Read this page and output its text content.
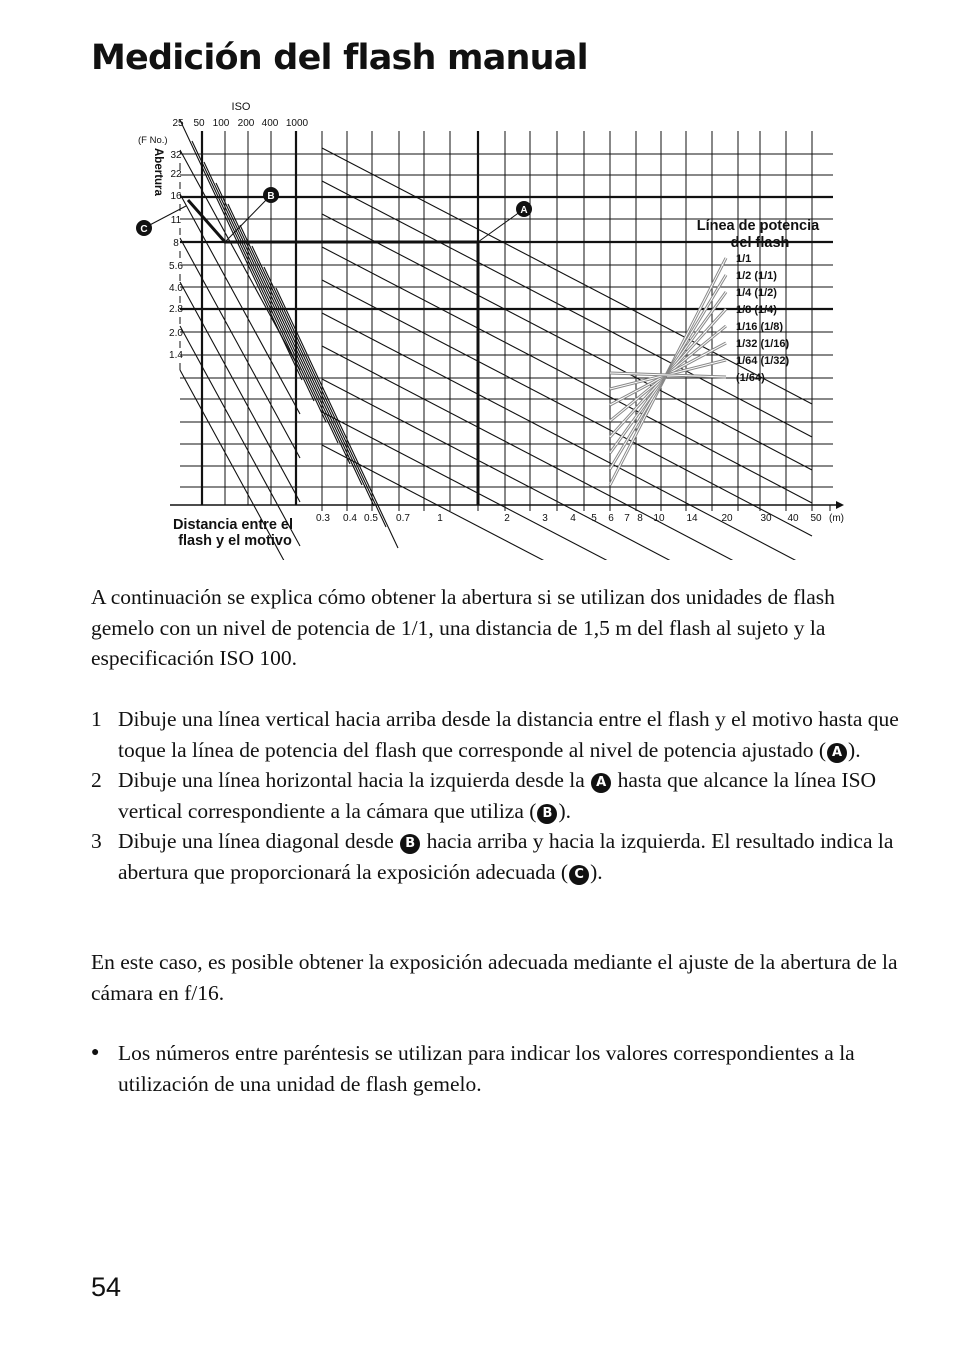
Medición del flash manual
ISO
(F No.)
Abertura
Distancia entre el flash y el motivo
(m)
Línea de potencia del flash
1/1
1/2 (1/1)
1/4 (1/2)
1/8 (1/4)
1/16 (1/8)
1/32 (1/16)
1/64 (1/32)
(1/64)
25 50 100 200 400 1000
32
22
16
11
8
5.6
4.0
2.8
2.0
1.4
0.3 0.4 0.5 0.7	1	2	3 4 5 6 7 8 10 14 20	30 40 50
A
B
C
A continuación se explica cómo obtener la abertura si se utilizan dos unidades de flash gemelo con un nivel de potencia de 1/1, una distancia de 1,5 m del flash al sujeto y la especificación ISO 100.
1 Dibuje una línea vertical hacia arriba desde la distancia entre el flash y el motivo hasta que toque la línea de potencia del flash que corresponde al nivel de potencia ajustado ( A ).
2 Dibuje una línea horizontal hacia la izquierda desde la A hasta que alcance la línea ISO vertical correspondiente a la cámara que utiliza ( B ).
3 Dibuje una línea diagonal desde B hacia arriba y hacia la izquierda. El resultado indica la abertura que proporcionará la exposición adecuada ( C ).
En este caso, es posible obtener la exposición adecuada mediante el ajuste de la abertura de la cámara en f/16.
● Los números entre paréntesis se utilizan para indicar los valores correspondientes a la utilización de una unidad de flash gemelo.
54
